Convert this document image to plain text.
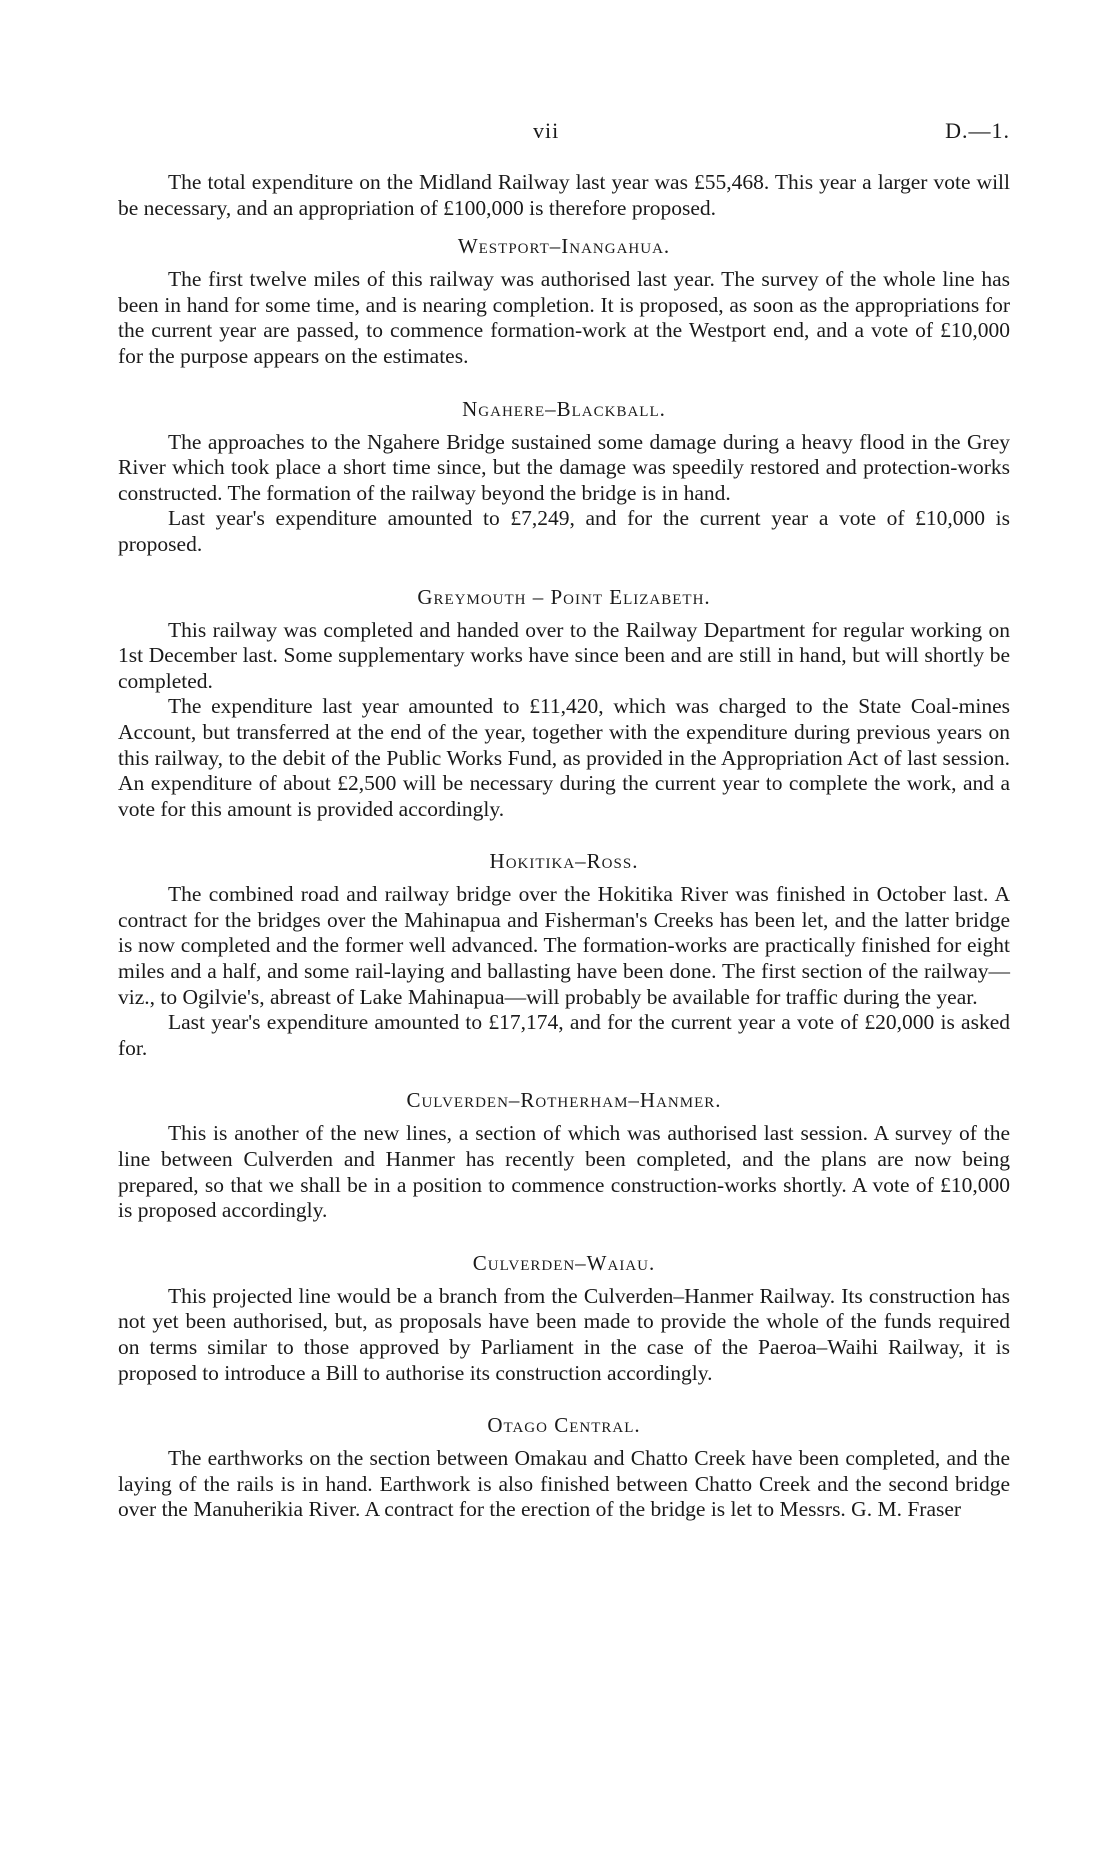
vii	D.—1.

The total expenditure on the Midland Railway last year was £55,468. This year a larger vote will be necessary, and an appropriation of £100,000 is therefore proposed.

Westport–Inangahua.

The first twelve miles of this railway was authorised last year. The survey of the whole line has been in hand for some time, and is nearing completion. It is proposed, as soon as the appropriations for the current year are passed, to commence formation-work at the Westport end, and a vote of £10,000 for the purpose appears on the estimates.

Ngahere–Blackball.

The approaches to the Ngahere Bridge sustained some damage during a heavy flood in the Grey River which took place a short time since, but the damage was speedily restored and protection-works constructed. The formation of the railway beyond the bridge is in hand.

Last year's expenditure amounted to £7,249, and for the current year a vote of £10,000 is proposed.

Greymouth – Point Elizabeth.

This railway was completed and handed over to the Railway Department for regular working on 1st December last. Some supplementary works have since been and are still in hand, but will shortly be completed.

The expenditure last year amounted to £11,420, which was charged to the State Coal-mines Account, but transferred at the end of the year, together with the expenditure during previous years on this railway, to the debit of the Public Works Fund, as provided in the Appropriation Act of last session. An expenditure of about £2,500 will be necessary during the current year to complete the work, and a vote for this amount is provided accordingly.

Hokitika–Ross.

The combined road and railway bridge over the Hokitika River was finished in October last. A contract for the bridges over the Mahinapua and Fisherman's Creeks has been let, and the latter bridge is now completed and the former well advanced. The formation-works are practically finished for eight miles and a half, and some rail-laying and ballasting have been done. The first section of the railway—viz., to Ogilvie's, abreast of Lake Mahinapua—will probably be available for traffic during the year.

Last year's expenditure amounted to £17,174, and for the current year a vote of £20,000 is asked for.

Culverden–Rotherham–Hanmer.

This is another of the new lines, a section of which was authorised last session. A survey of the line between Culverden and Hanmer has recently been completed, and the plans are now being prepared, so that we shall be in a position to commence construction-works shortly. A vote of £10,000 is proposed accordingly.

Culverden–Waiau.

This projected line would be a branch from the Culverden–Hanmer Railway. Its construction has not yet been authorised, but, as proposals have been made to provide the whole of the funds required on terms similar to those approved by Parliament in the case of the Paeroa–Waihi Railway, it is proposed to introduce a Bill to authorise its construction accordingly.

Otago Central.

The earthworks on the section between Omakau and Chatto Creek have been completed, and the laying of the rails is in hand. Earthwork is also finished between Chatto Creek and the second bridge over the Manuherikia River. A contract for the erection of the bridge is let to Messrs. G. M. Fraser
